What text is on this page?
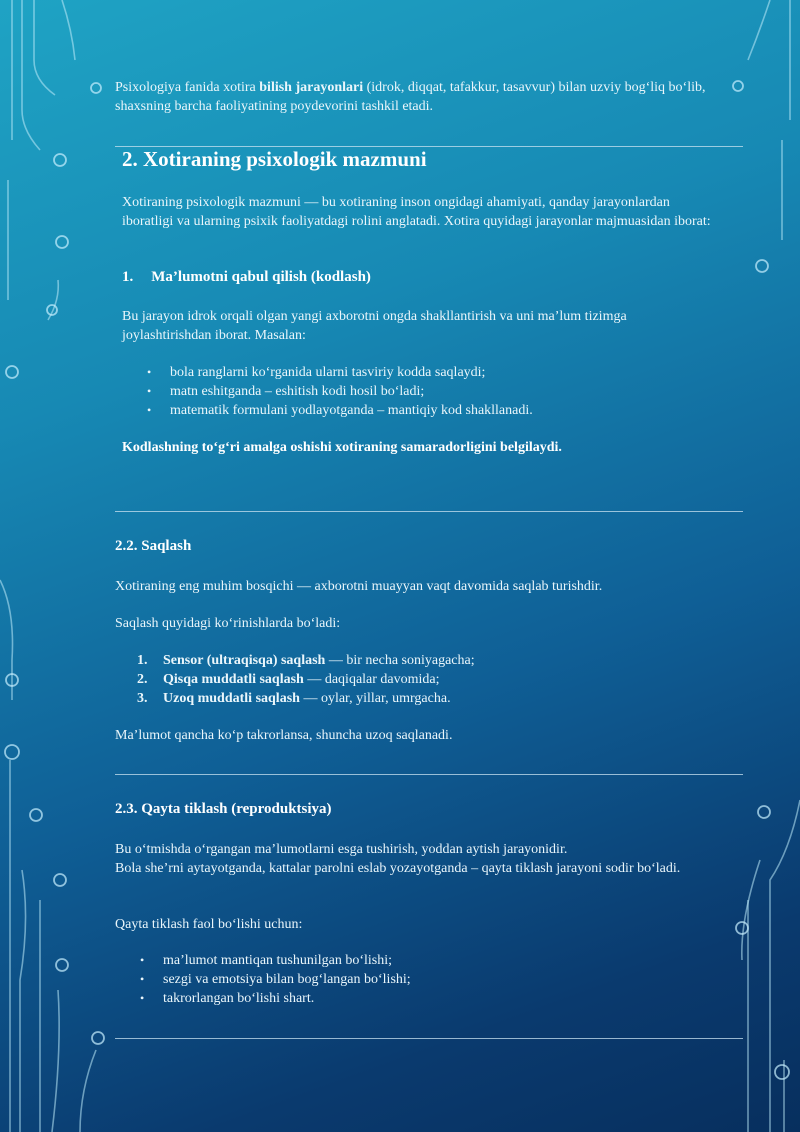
Psixologiya fanida xotira bilish jarayonlari (idrok, diqqat, tafakkur, tasavvur) bilan uzviy bog‘liq bo‘lib, shaxsning barcha faoliyatining poydevorini tashkil etadi.

2. Xotiraning psixologik mazmuni

Xotiraning psixologik mazmuni — bu xotiraning inson ongidagi ahamiyati, qanday jarayonlardan iboratligi va ularning psixik faoliyatdagi rolini anglatadi. Xotira quyidagi jarayonlar majmuasidan iborat:

1. Ma’lumotni qabul qilish (kodlash)

Bu jarayon idrok orqali olgan yangi axborotni ongda shakllantirish va uni ma’lum tizimga joylashtirishdan iborat. Masalan:

• bola ranglarni ko‘rganida ularni tasviriy kodda saqlaydi;
• matn eshitganda – eshitish kodi hosil bo‘ladi;
• matematik formulani yodlayotganda – mantiqiy kod shakllanadi.

Kodlashning to‘g‘ri amalga oshishi xotiraning samaradorligini belgilaydi.

2.2. Saqlash

Xotiraning eng muhim bosqichi — axborotni muayyan vaqt davomida saqlab turishdir.

Saqlash quyidagi ko‘rinishlarda bo‘ladi:

1. Sensor (ultraqisqa) saqlash — bir necha soniyagacha;
2. Qisqa muddatli saqlash — daqiqalar davomida;
3. Uzoq muddatli saqlash — oylar, yillar, umrgacha.

Ma’lumot qancha ko‘p takrorlansa, shuncha uzoq saqlanadi.

2.3. Qayta tiklash (reproduktsiya)

Bu o‘tmishda o‘rgangan ma’lumotlarni esga tushirish, yoddan aytish jarayonidir.

Bola she’rni aytayotganda, kattalar parolni eslab yozayotganda – qayta tiklash jarayoni sodir bo‘ladi.

Qayta tiklash faol bo‘lishi uchun:

• ma’lumot mantiqan tushunilgan bo‘lishi;
• sezgi va emotsiya bilan bog‘langan bo‘lishi;
• takrorlangan bo‘lishi shart.
